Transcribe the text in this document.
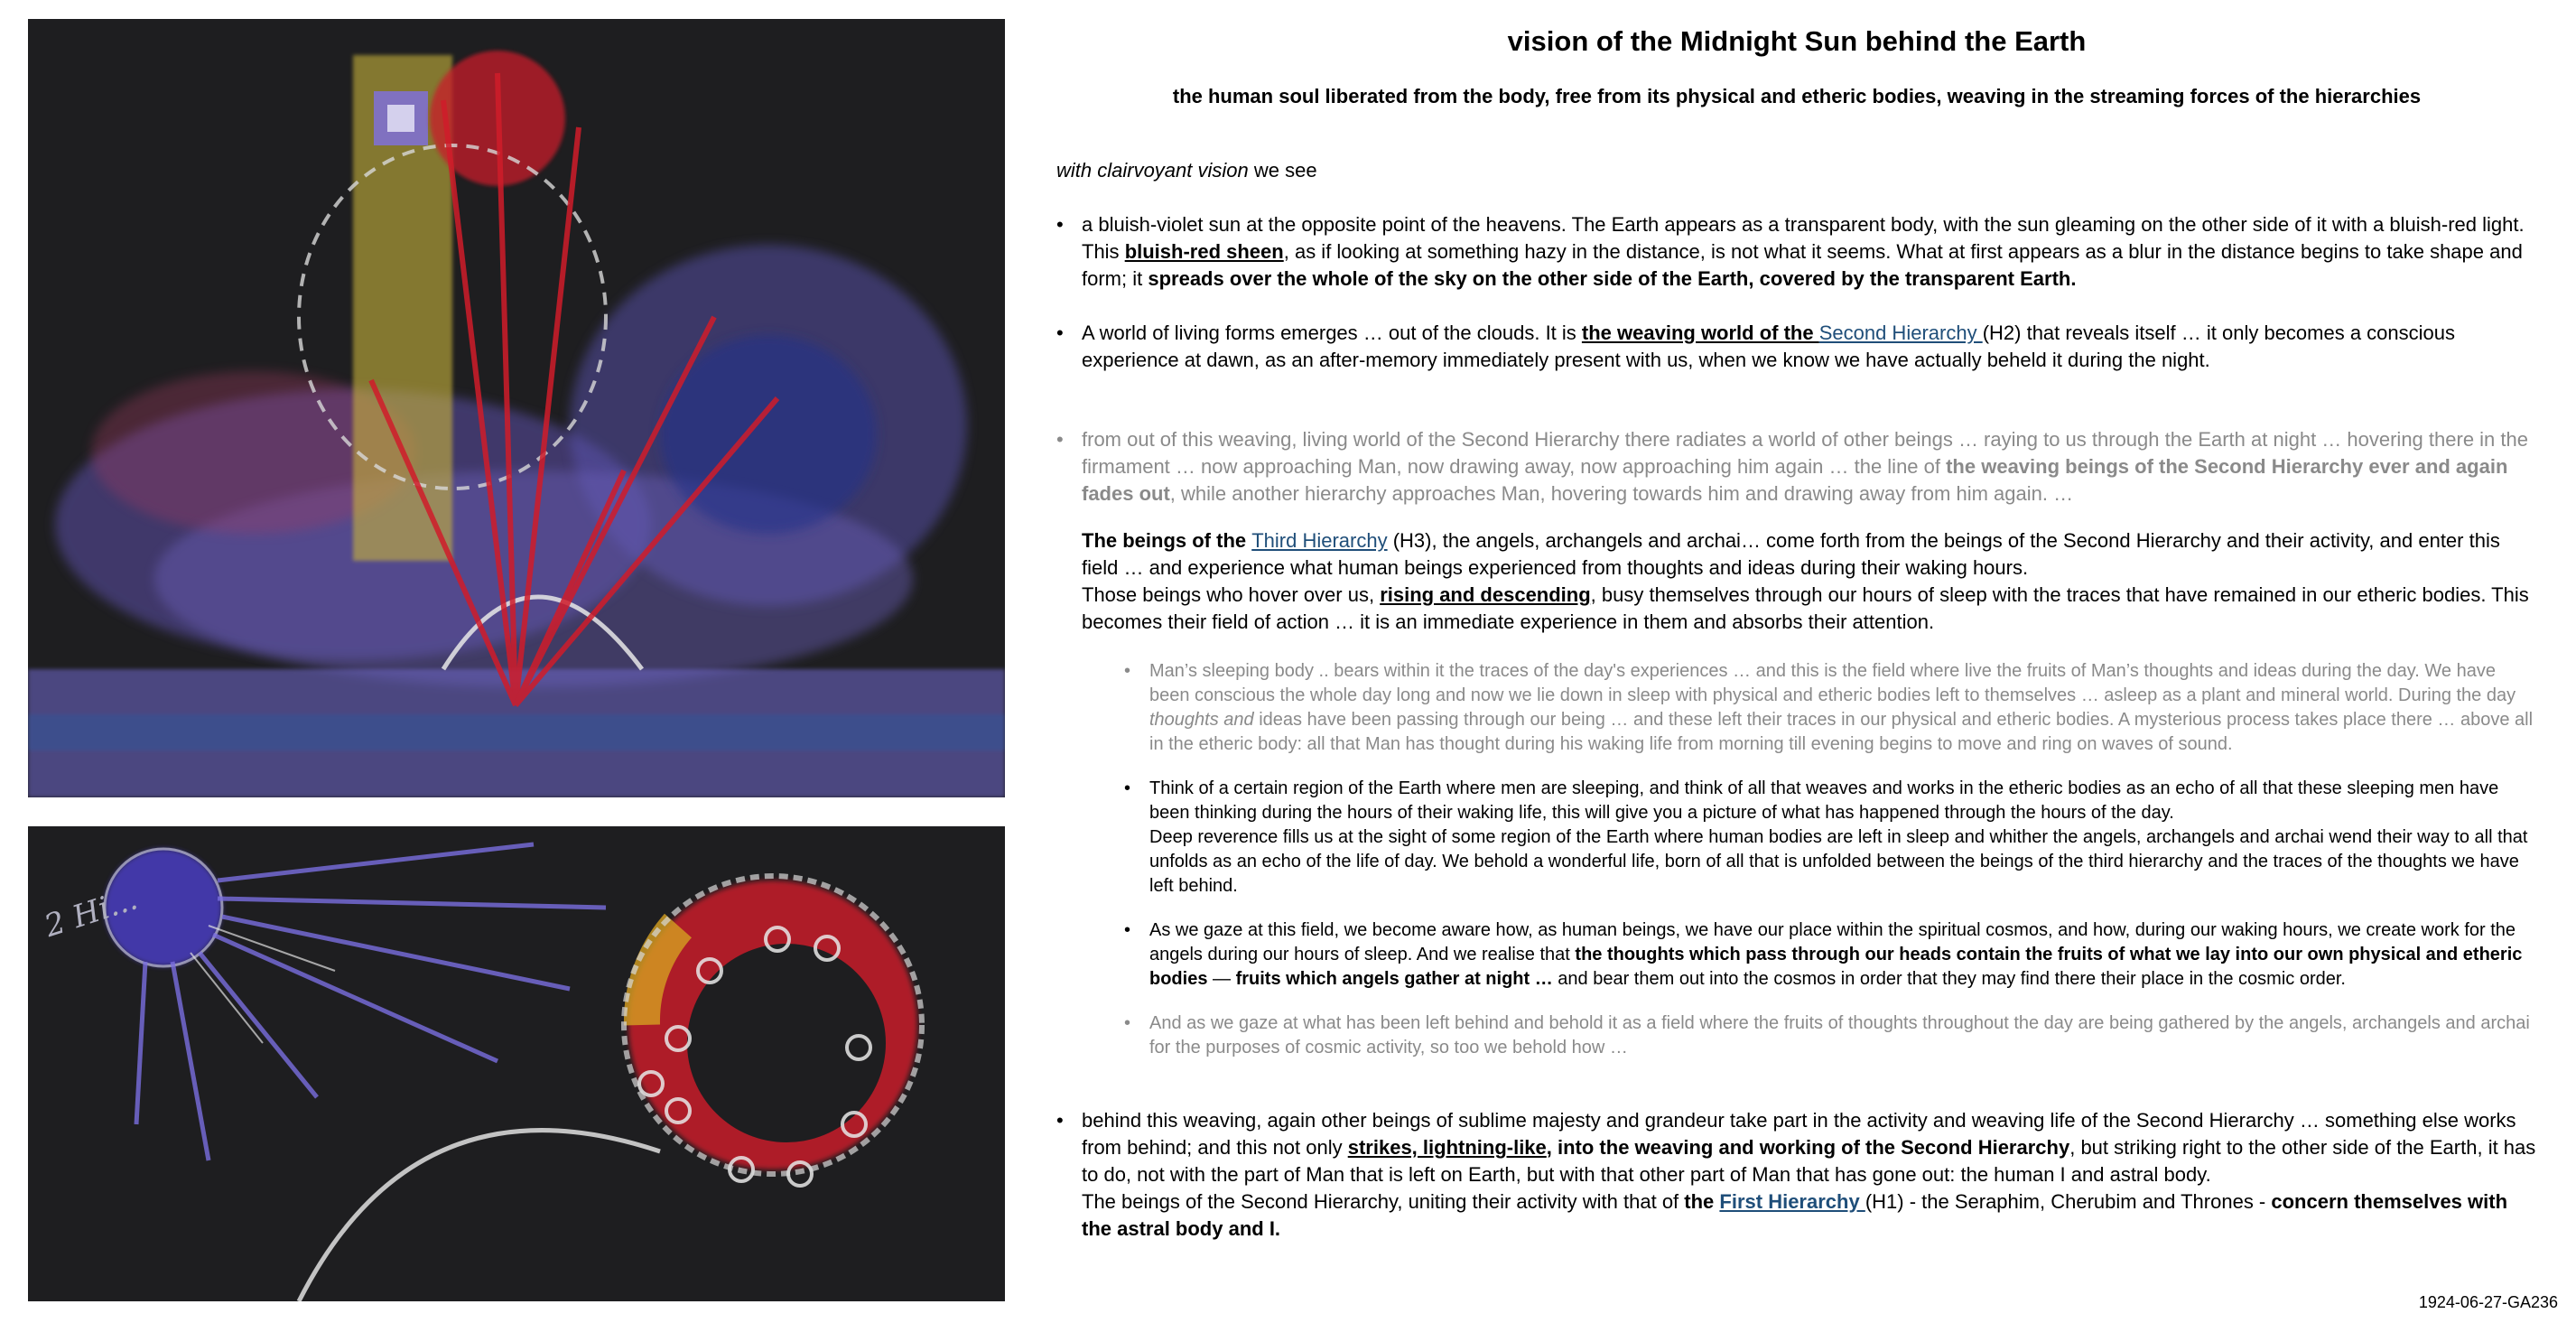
2 Hi...
vision of the Midnight Sun behind the Earth
the human soul liberated from the body, free from its physical and etheric bodies, weaving in the streaming forces of the hierarchies
with clairvoyant vision we see
• a bluish-violet sun at the opposite point of the heavens. The Earth appears as a transparent body, with the sun gleaming on the other side of it with a bluish-red light. This bluish-red sheen, as if looking at something hazy in the distance, is not what it seems. What at first appears as a blur in the distance begins to take shape and form; it spreads over the whole of the sky on the other side of the Earth, covered by the transparent Earth.
• A world of living forms emerges … out of the clouds. It is the weaving world of the Second Hierarchy (H2) that reveals itself … it only becomes a conscious experience at dawn, as an after-memory immediately present with us, when we know we have actually beheld it during the night.
• from out of this weaving, living world of the Second Hierarchy there radiates a world of other beings … raying to us through the Earth at night … hovering there in the firmament … now approaching Man, now drawing away, now approaching him again … the line of the weaving beings of the Second Hierarchy ever and again fades out, while another hierarchy approaches Man, hovering towards him and drawing away from him again. …
The beings of the Third Hierarchy (H3), the angels, archangels and archai… come forth from the beings of the Second Hierarchy and their activity, and enter this field … and experience what human beings experienced from thoughts and ideas during their waking hours.
Those beings who hover over us, rising and descending, busy themselves through our hours of sleep with the traces that have remained in our etheric bodies. This becomes their field of action … it is an immediate experience in them and absorbs their attention.
• Man’s sleeping body .. bears within it the traces of the day's experiences … and this is the field where live the fruits of Man’s thoughts and ideas during the day. We have been conscious the whole day long and now we lie down in sleep with physical and etheric bodies left to themselves … asleep as a plant and mineral world. During the day thoughts and ideas have been passing through our being … and these left their traces in our physical and etheric bodies. A mysterious process takes place there … above all in the etheric body: all that Man has thought during his waking life from morning till evening begins to move and ring on waves of sound.
• Think of a certain region of the Earth where men are sleeping, and think of all that weaves and works in the etheric bodies as an echo of all that these sleeping men have been thinking during the hours of their waking life, this will give you a picture of what has happened through the hours of the day.
Deep reverence fills us at the sight of some region of the Earth where human bodies are left in sleep and whither the angels, archangels and archai wend their way to all that unfolds as an echo of the life of day. We behold a wonderful life, born of all that is unfolded between the beings of the third hierarchy and the traces of the thoughts we have left behind.
• As we gaze at this field, we become aware how, as human beings, we have our place within the spiritual cosmos, and how, during our waking hours, we create work for the angels during our hours of sleep. And we realise that the thoughts which pass through our heads contain the fruits of what we lay into our own physical and etheric bodies — fruits which angels gather at night … and bear them out into the cosmos in order that they may find there their place in the cosmic order.
• And as we gaze at what has been left behind and behold it as a field where the fruits of thoughts throughout the day are being gathered by the angels, archangels and archai for the purposes of cosmic activity, so too we behold how …
• behind this weaving, again other beings of sublime majesty and grandeur take part in the activity and weaving life of the Second Hierarchy … something else works from behind; and this not only strikes, lightning-like, into the weaving and working of the Second Hierarchy, but striking right to the other side of the Earth, it has to do, not with the part of Man that is left on Earth, but with that other part of Man that has gone out: the human I and astral body.
The beings of the Second Hierarchy, uniting their activity with that of the First Hierarchy (H1) - the Seraphim, Cherubim and Thrones - concern themselves with the astral body and I.
1924-06-27-GA236
